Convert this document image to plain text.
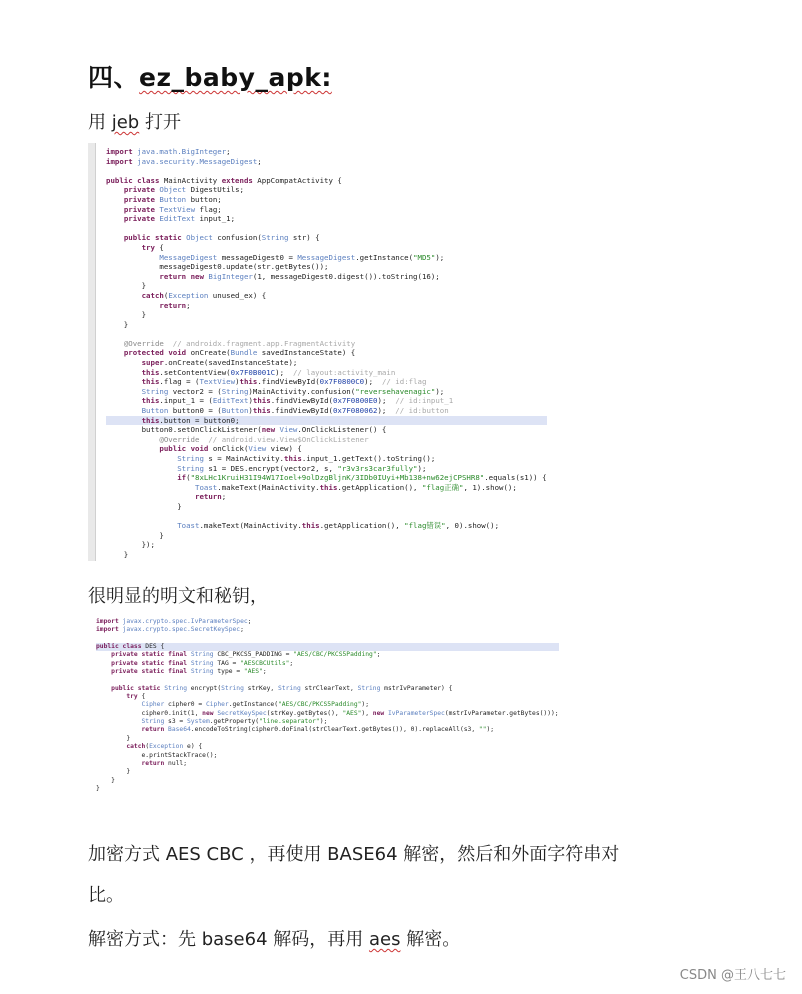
四、ez_baby_apk:
用 jeb 打开

import java.math.BigInteger;
import java.security.MessageDigest;

public class MainActivity extends AppCompatActivity {
private Object DigestUtils;
private Button button;
private TextView flag;
private EditText input_1;

public static Object confusion(String str) {
try {
MessageDigest messageDigest0 = MessageDigest.getInstance("MD5");
messageDigest0.update(str.getBytes());
return new BigInteger(1, messageDigest0.digest()).toString(16);
}
catch(Exception unused_ex) {
return;
}
}

@Override // androidx.fragment.app.FragmentActivity
protected void onCreate(Bundle savedInstanceState) {
super.onCreate(savedInstanceState);
this.setContentView(0x7F0B001C);  // layout:activity_main
this.flag = (TextView)this.findViewById(0x7F0800C0);  // id:flag
String vector2 = (String)MainActivity.confusion("reversehavenagic");
this.input_1 = (EditText)this.findViewById(0x7F0800E0);  // id:input_1
Button button0 = (Button)this.findViewById(0x7F080062);  // id:button
this.button = button0;
button0.setOnClickListener(new View.OnClickListener() {
@Override // android.view.View$OnClickListener
public void onClick(View view) {
String s = MainActivity.this.input_1.getText().toString();
String s1 = DES.encrypt(vector2, s, "r3v3rs3car3fully");
if("8xLHc1KruiH31I94W17Ioel+9olDzgBljnK/3IDb0IUyi+Mb138+nw62ejCPSHR8".equals(s1)) {
Toast.makeText(MainActivity.this.getApplication(), "flag正确", 1).show();
return;
}

Toast.makeText(MainActivity.this.getApplication(), "flag错误", 0).show();
}
});
}

很明显的明文和秘钥，

import javax.crypto.spec.IvParameterSpec;
import javax.crypto.spec.SecretKeySpec;

public class DES {
private static final String CBC_PKCS5_PADDING = "AES/CBC/PKCS5Padding";
private static final String TAG = "AESCBCUtils";
private static final String type = "AES";

public static String encrypt(String strKey, String strClearText, String mstrIvParameter) {
try {
Cipher cipher0 = Cipher.getInstance("AES/CBC/PKCS5Padding");
cipher0.init(1, new SecretKeySpec(strKey.getBytes(), "AES"), new IvParameterSpec(mstrIvParameter.getBytes()));
String s3 = System.getProperty("line.separator");
return Base64.encodeToString(cipher0.doFinal(strClearText.getBytes()), 0).replaceAll(s3, "");
}
catch(Exception e) {
e.printStackTrace();
return null;
}
}
}

加密方式 AES CBC ，再使用 BASE64 解密，然后和外面字符串对
比。
解密方式：先 base64 解码，再用 aes 解密。
CSDN @王八七七
